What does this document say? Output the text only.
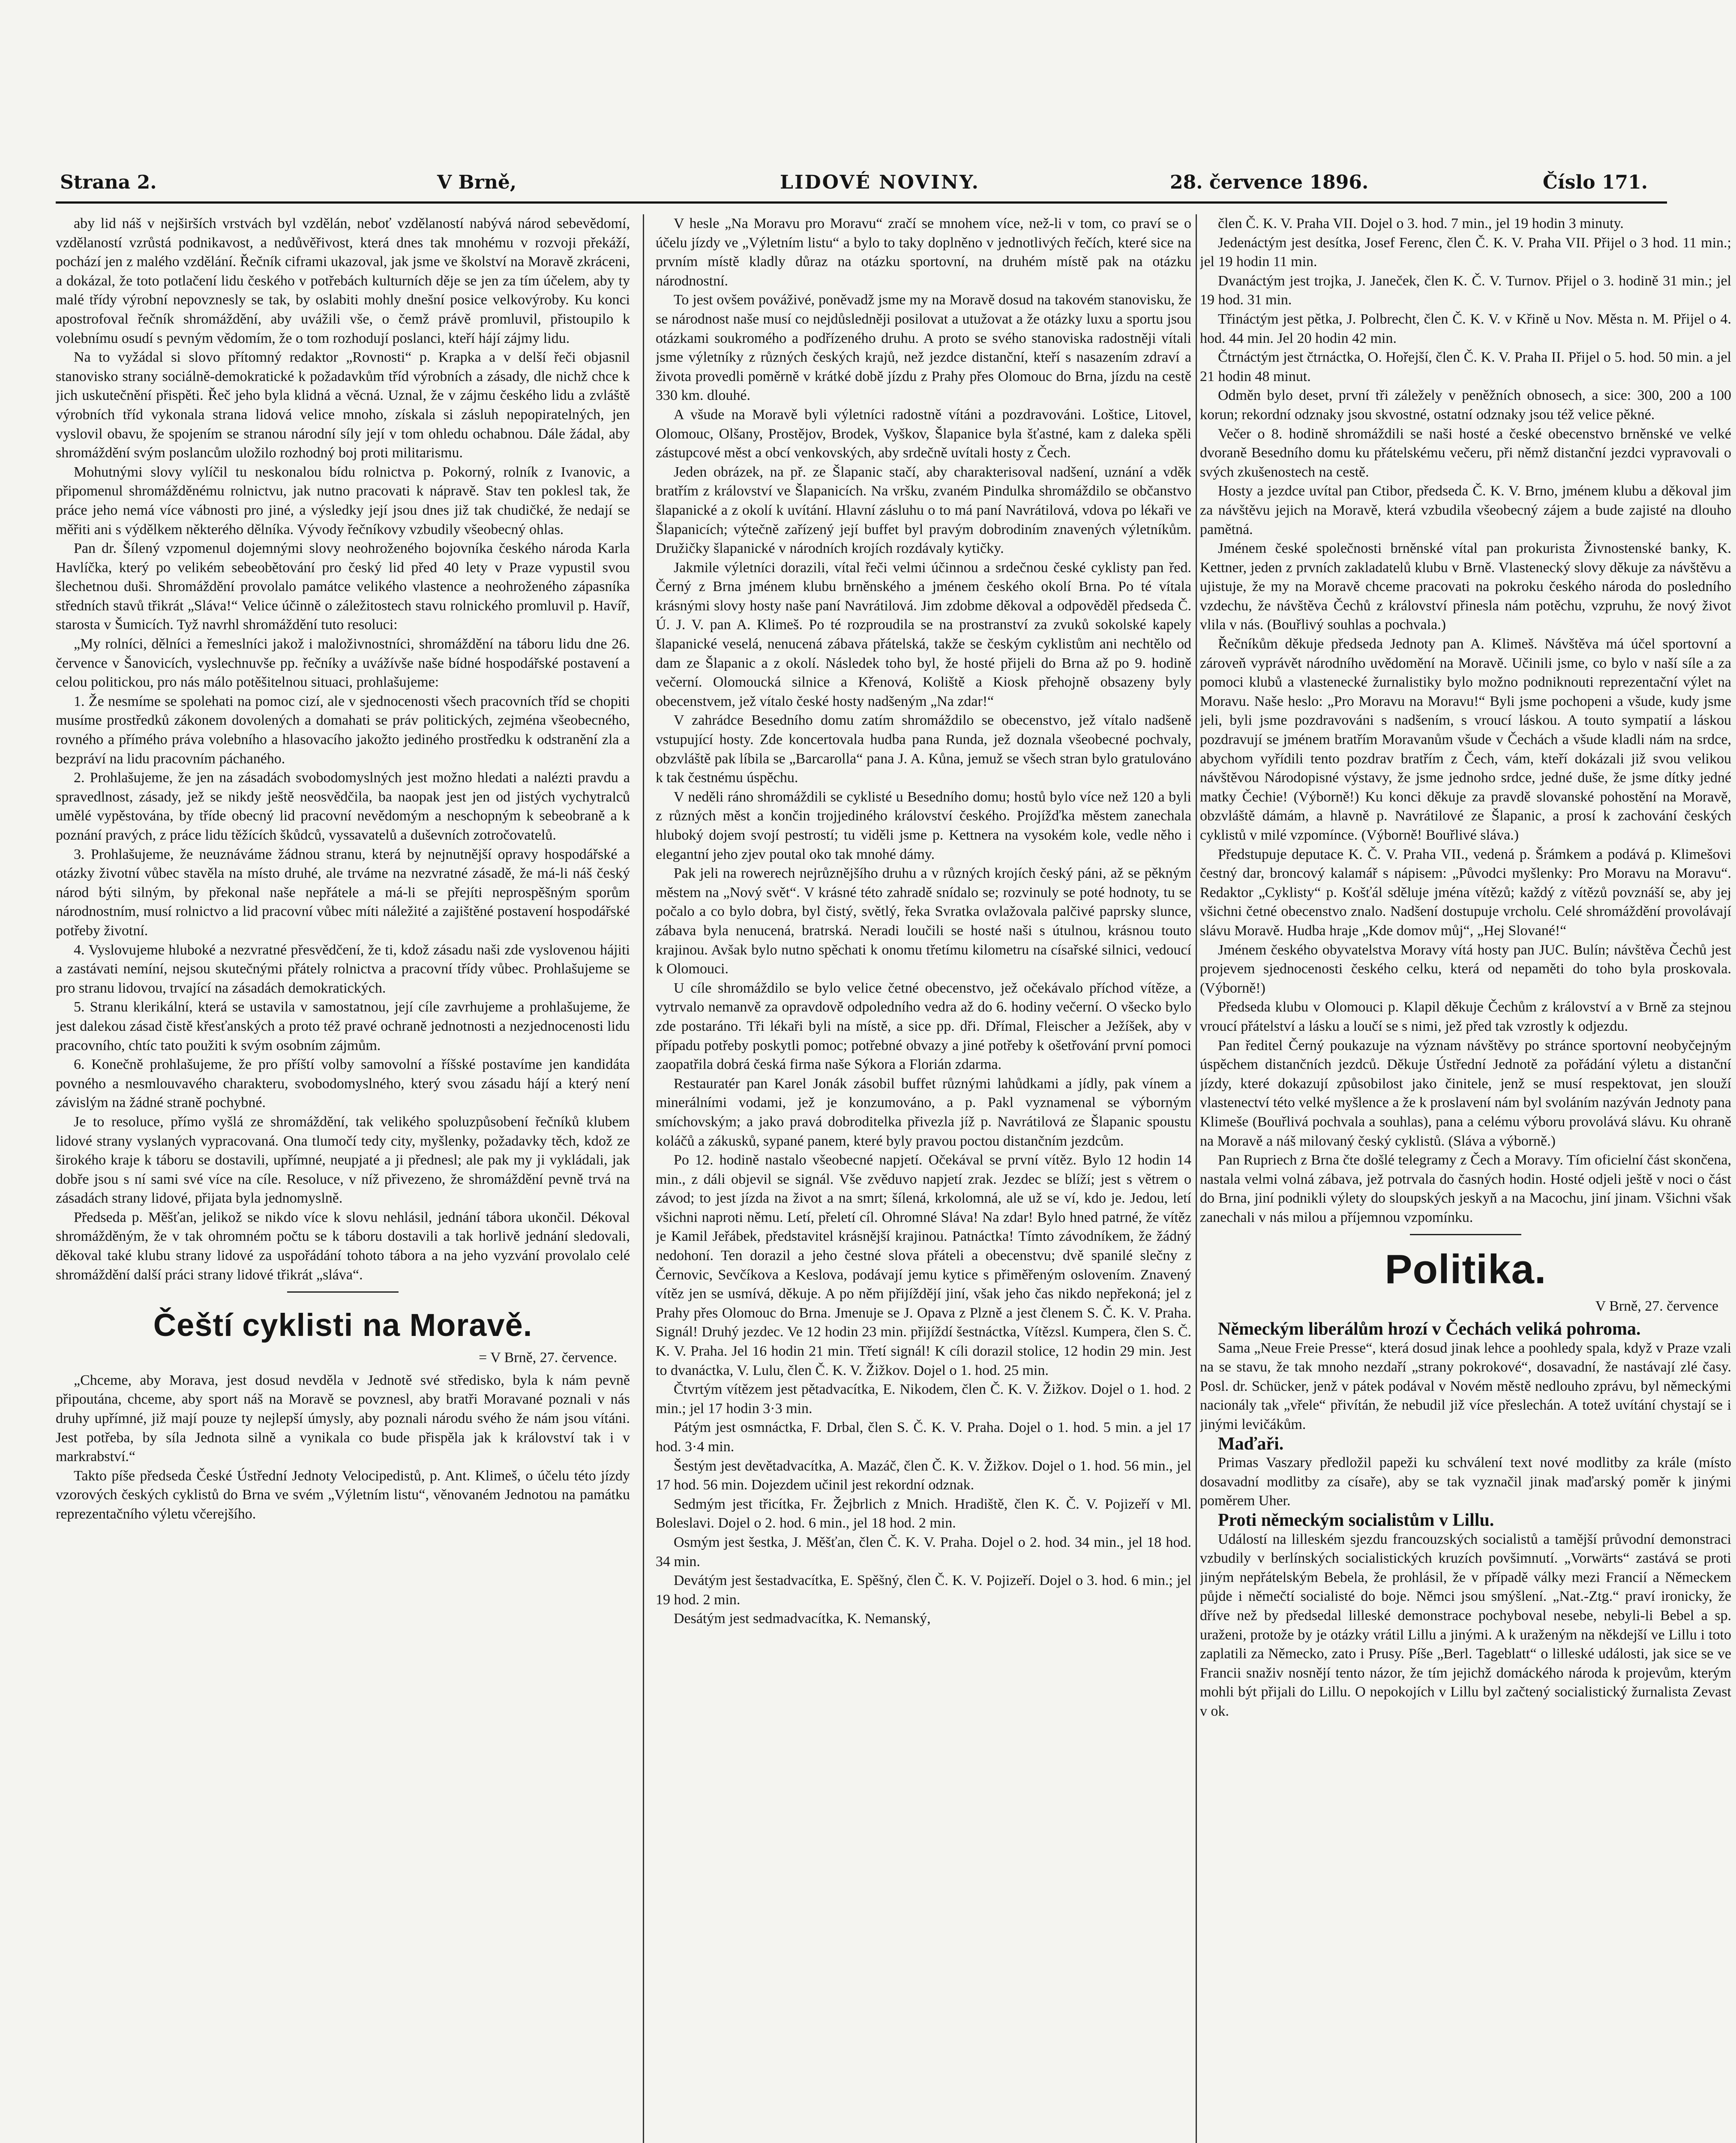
Strana 2.	V Brně,	LIDOVÉ NOVINY.	28. července 1896.	Číslo 171.

aby lid náš v nejširších vrstvách byl vzdělán, neboť vzdělaností nabývá národ sebevědomí, vzdělaností vzrůstá podnikavost, a nedůvěřivost, která dnes tak mnohému v rozvoji překáží, pochází jen z malého vzdělání. Řečník ciframi ukazoval, jak jsme ve školství na Moravě zkráceni, a dokázal, že toto potlačení lidu českého v potřebách kulturních děje se jen za tím účelem, aby ty malé třídy výrobní nepovznesly se tak, by oslabiti mohly dnešní posice velkovýroby. Ku konci apostrofoval řečník shromáždění, aby uvážili vše, o čemž právě promluvil, přistoupilo k volebnímu osudí s pevným vědomím, že o tom rozhodují poslanci, kteří hájí zájmy lidu.

Na to vyžádal si slovo přítomný redaktor „Rovnosti“ p. Krapka a v delší řeči objasnil stanovisko strany sociálně-demokratické k požadavkům tříd výrobních a zásady, dle nichž chce k jich uskutečnění přispěti. Řeč jeho byla klidná a věcná. Uznal, že v zájmu českého lidu a zvláště výrobních tříd vykonala strana lidová velice mnoho, získala si zásluh nepopiratelných, jen vyslovil obavu, že spojením se stranou národní síly její v tom ohledu ochabnou. Dále žádal, aby shromáždění svým poslancům uložilo rozhodný boj proti militarismu.

Mohutnými slovy vylíčil tu neskonalou bídu rolnictva p. Pokorný, rolník z Ivanovic, a připomenul shromážděnému rolnictvu, jak nutno pracovati k nápravě. Stav ten poklesl tak, že práce jeho nemá více vábnosti pro jiné, a výsledky její jsou dnes již tak chudičké, že nedají se měřiti ani s výdělkem některého dělníka. Vývody řečníkovy vzbudily všeobecný ohlas.

Pan dr. Šílený vzpomenul dojemnými slovy neohroženého bojovníka českého národa Karla Havlíčka, který po velikém sebeobětování pro český lid před 40 lety v Praze vypustil svou šlechetnou duši. Shromáždění provolalo památce velikého vlastence a neohroženého zápasníka středních stavů třikrát „Sláva!“ Velice účinně o záležitostech stavu rolnického promluvil p. Havíř, starosta v Šumicích. Tyž navrhl shromáždění tuto resoluci:

„My rolníci, dělníci a řemeslníci jakož i maloživnostníci, shromáždění na táboru lidu dne 26. července v Šanovicích, vyslechnuvše pp. řečníky a uvážívše naše bídné hospodářské postavení a celou politickou, pro nás málo potěšitelnou situaci, prohlašujeme:

1. Že nesmíme se spolehati na pomoc cizí, ale v sjednocenosti všech pracovních tříd se chopiti musíme prostředků zákonem dovolených a domahati se práv politických, zejména všeobecného, rovného a přímého práva volebního a hlasovacího jakožto jediného prostředku k odstranění zla a bezpráví na lidu pracovním páchaného.

2. Prohlašujeme, že jen na zásadách svobodomyslných jest možno hledati a nalézti pravdu a spravedlnost, zásady, jež se nikdy ještě neosvědčila, ba naopak jest jen od jistých vychytralců umělé vypěstována, by tříde obecný lid pracovní nevědomým a neschopným k sebeobraně a k poznání pravých, z práce lidu těžících škůdců, vyssavatelů a duševních zotročovatelů.

3. Prohlašujeme, že neuznáváme žádnou stranu, která by nejnutnější opravy hospodářské a otázky životní vůbec stavěla na místo druhé, ale trváme na nezvratné zásadě, že má-li náš český národ býti silným, by překonal naše nepřátele a má-li se přejíti neprospěšným sporům národnostním, musí rolnictvo a lid pracovní vůbec míti náležité a zajištěné postavení hospodářské potřeby životní.

4. Vyslovujeme hluboké a nezvratné přesvědčení, že ti, kdož zásadu naši zde vyslovenou hájiti a zastávati nemíní, nejsou skutečnými přátely rolnictva a pracovní třídy vůbec. Prohlašujeme se pro stranu lidovou, trvající na zásadách demokratických.

5. Stranu klerikální, která se ustavila v samostatnou, její cíle zavrhujeme a prohlašujeme, že jest dalekou zásad čistě křesťanských a proto též pravé ochraně jednotnosti a nezjednocenosti lidu pracovního, chtíc tato použiti k svým osobním zájmům.

6. Konečně prohlašujeme, že pro příští volby samovolní a říšské postavíme jen kandidáta povného a nesmlouvavého charakteru, svobodomyslného, který svou zásadu hájí a který není závislým na žádné straně pochybné.

Je to resoluce, přímo vyšlá ze shromáždění, tak velikého spoluzpůsobení řečníků klubem lidové strany vyslaných vypracovaná. Ona tlumočí tedy city, myšlenky, požadavky těch, kdož ze širokého kraje k táboru se dostavili, upřímné, neupjaté a ji přednesl; ale pak my ji vykládali, jak dobře jsou s ní sami své více na cíle. Resoluce, v níž přivezeno, že shromáždění pevně trvá na zásadách strany lidové, přijata byla jednomyslně.

Předseda p. Měšťan, jelikož se nikdo více k slovu nehlásil, jednání tábora ukončil. Dékoval shromážděným, že v tak ohromném počtu se k táboru dostavili a tak horlivě jednání sledovali, děkoval také klubu strany lidové za uspořádání tohoto tábora a na jeho vyzvání provolalo celé shromáždění další práci strany lidové třikrát „sláva“.

Čeští cyklisti na Moravě.
= V Brně, 27. července.

„Chceme, aby Morava, jest dosud nevděla v Jednotě své středisko, byla k nám pevně připoutána, chceme, aby sport náš na Moravě se povznesl, aby bratři Moravané poznali v nás druhy upřímné, již mají pouze ty nejlepší úmysly, aby poznali národu svého že nám jsou vítáni. Jest potřeba, by síla Jednota silně a vynikala co bude přispěla jak k království tak i v markrabství.“

Takto píše předseda České Ústřední Jednoty Velocipedistů, p. Ant. Klimeš, o účelu této jízdy vzorových českých cyklistů do Brna ve svém „Výletním listu“, věnovaném Jednotou na památku reprezentačního výletu včerejšího.

V hesle „Na Moravu pro Moravu“ zračí se mnohem více, než-li v tom, co praví se o účelu jízdy ve „Výletním listu“ a bylo to taky doplněno v jednotlivých řečích, které sice na prvním místě kladly důraz na otázku sportovní, na druhém místě pak na otázku národnostní.

To jest ovšem pováživé, poněvadž jsme my na Moravě dosud na takovém stanovisku, že se národnost naše musí co nejdůsledněji posilovat a utužovat a že otázky luxu a sportu jsou otázkami soukromého a podřízeného druhu. A proto se svého stanoviska radostněji vítali jsme výletníky z různých českých krajů, než jezdce distanční, kteří s nasazením zdraví a života provedli poměrně v krátké době jízdu z Prahy přes Olomouc do Brna, jízdu na cestě 330 km. dlouhé.

A všude na Moravě byli výletníci radostně vítáni a pozdravováni. Loštice, Litovel, Olomouc, Olšany, Prostějov, Brodek, Vyškov, Šlapanice byla šťastné, kam z daleka spěli zástupcové měst a obcí venkovských, aby srdečně uvítali hosty z Čech.

Jeden obrázek, na př. ze Šlapanic stačí, aby charakterisoval nadšení, uznání a vděk bratřím z království ve Šlapanicích. Na vršku, zvaném Pindulka shromáždilo se občanstvo šlapanické a z okolí k uvítání. Hlavní zásluhu o to má paní Navrátilová, vdova po lékaři ve Šlapanicích; výtečně zařízený její buffet byl pravým dobrodiním znavených výletníkům. Družičky šlapanické v národních krojích rozdávaly kytičky.

Jakmile výletníci dorazili, vítal řeči velmi účinnou a srdečnou české cyklisty pan řed. Černý z Brna jménem klubu brněnského a jménem českého okolí Brna. Po té vítala krásnými slovy hosty naše paní Navrátilová. Jim zdobme děkoval a odpověděl předseda Č. Ú. J. V. pan A. Klimeš. Po té rozproudila se na prostranství za zvuků sokolské kapely šlapanické veselá, nenucená zábava přátelská, takže se českým cyklistům ani nechtělo od dam ze Šlapanic a z okolí. Následek toho byl, že hosté přijeli do Brna až po 9. hodině večerní. Olomoucká silnice a Křenová, Koliště a Kiosk přehojně obsazeny byly obecenstvem, jež vítalo české hosty nadšeným „Na zdar!“

V zahrádce Besedního domu zatím shromáždilo se obecenstvo, jež vítalo nadšeně vstupující hosty. Zde koncertovala hudba pana Runda, jež doznala všeobecné pochvaly, obzvláště pak líbila se „Barcarolla“ pana J. A. Kůna, jemuž se všech stran bylo gratulováno k tak čestnému úspěchu.

V neděli ráno shromáždili se cyklisté u Besedního domu; hostů bylo více než 120 a byli z různých měst a končin trojjediného království českého. Projížďka městem zanechala hluboký dojem svojí pestrostí; tu viděli jsme p. Kettnera na vysokém kole, vedle něho i elegantní jeho zjev poutal oko tak mnohé dámy.

Pak jeli na rowerech nejrůznějšího druhu a v různých krojích český páni, až se pěkným městem na „Nový svět“. V krásné této zahradě snídalo se; rozvinuly se poté hodnoty, tu se počalo a co bylo dobra, byl čistý, světlý, řeka Svratka ovlažovala palčivé paprsky slunce, zábava byla nenucená, bratrská. Neradi loučili se hosté naši s útulnou, krásnou touto krajinou. Avšak bylo nutno spěchati k onomu třetímu kilometru na císařské silnici, vedoucí k Olomouci.

U cíle shromáždilo se bylo velice četné obecenstvo, jež očekávalo příchod vítěze, a vytrvalo nemanvě za opravdově odpoledního vedra až do 6. hodiny večerní. O všecko bylo zde postaráno. Tři lékaři byli na místě, a sice pp. dři. Dřímal, Fleischer a Ježíšek, aby v případu potřeby poskytli pomoc; potřebné obvazy a jiné potřeby k ošetřování první pomoci zaopatřila dobrá česká firma naše Sýkora a Florián zdarma.

Restauratér pan Karel Jonák zásobil buffet různými lahůdkami a jídly, pak vínem a minerálními vodami, jež je konzumováno, a p. Pakl vyznamenal se výborným smíchovským; a jako pravá dobroditelka přivezla jíž p. Navrátilová ze Šlapanic spoustu koláčů a zákusků, sypané panem, které byly pravou poctou distančním jezdcům.

Po 12. hodině nastalo všeobecné napjetí. Očekával se první vítěz. Bylo 12 hodin 14 min., z dáli objevil se signál. Vše zvěduvo napjetí zrak. Jezdec se blíží; jest s větrem o závod; to jest jízda na život a na smrt; šílená, krkolomná, ale už se ví, kdo je. Jedou, letí všichni naproti němu. Letí, přeletí cíl. Ohromné Sláva! Na zdar! Bylo hned patrné, že vítěz je Kamil Jeřábek, představitel krásnější krajinou. Patnáctka! Tímto závodníkem, že žádný nedohoní. Ten dorazil a jeho čestné slova přáteli a obecenstvu; dvě spanilé slečny z Černovic, Sevčíkova a Keslova, podávají jemu kytice s přiměřeným oslovením. Znavený vítěz jen se usmívá, děkuje. A po něm přijíždějí jiní, však jeho čas nikdo nepřekoná; jel z Prahy přes Olomouc do Brna. Jmenuje se J. Opava z Plzně a jest členem S. Č. K. V. Praha. Signál! Druhý jezdec. Ve 12 hodin 23 min. přijíždí šestnáctka, Vítězsl. Kumpera, člen S. Č. K. V. Praha. Jel 16 hodin 21 min. Třetí signál! K cíli dorazil stolice, 12 hodin 29 min. Jest to dvanáctka, V. Lulu, člen Č. K. V. Žižkov. Dojel o 1. hod. 25 min.

Čtvrtým vítězem jest pětadvacítka, E. Nikodem, člen Č. K. V. Žižkov. Dojel o 1. hod. 2 min.; jel 17 hodin 3·3 min.

Pátým jest osmnáctka, F. Drbal, člen S. Č. K. V. Praha. Dojel o 1. hod. 5 min. a jel 17 hod. 3·4 min.

Šestým jest devětadvacítka, A. Mazáč, člen Č. K. V. Žižkov. Dojel o 1. hod. 56 min., jel 17 hod. 56 min. Dojezdem učinil jest rekordní odznak.

Sedmým jest třicítka, Fr. Žejbrlich z Mnich. Hradiště, člen K. Č. V. Pojizeří v Ml. Boleslavi. Dojel o 2. hod. 6 min., jel 18 hod. 2 min.

Osmým jest šestka, J. Měšťan, člen Č. K. V. Praha. Dojel o 2. hod. 34 min., jel 18 hod. 34 min.

Devátým jest šestadvacítka, E. Spěšný, člen Č. K. V. Pojizeří. Dojel o 3. hod. 6 min.; jel 19 hod. 2 min.

Desátým jest sedmadvacítka, K. Nemanský,

člen Č. K. V. Praha VII. Dojel o 3. hod. 7 min., jel 19 hodin 3 minuty.

Jedenáctým jest desítka, Josef Ferenc, člen Č. K. V. Praha VII. Přijel o 3 hod. 11 min.; jel 19 hodin 11 min.

Dvanáctým jest trojka, J. Janeček, člen K. Č. V. Turnov. Přijel o 3. hodině 31 min.; jel 19 hod. 31 min.

Třináctým jest pětka, J. Polbrecht, člen Č. K. V. v Křině u Nov. Města n. M. Přijel o 4. hod. 44 min. Jel 20 hodin 42 min.

Čtrnáctým jest čtrnáctka, O. Hořejší, člen Č. K. V. Praha II. Přijel o 5. hod. 50 min. a jel 21 hodin 48 minut.

Odměn bylo deset, první tři záležely v peněžních obnosech, a sice: 300, 200 a 100 korun; rekordní odznaky jsou skvostné, ostatní odznaky jsou též velice pěkné.

Večer o 8. hodině shromáždili se naši hosté a české obecenstvo brněnské ve velké dvoraně Besedního domu ku přátelskému večeru, při němž distanční jezdci vypravovali o svých zkušenostech na cestě.

Hosty a jezdce uvítal pan Ctibor, předseda Č. K. V. Brno, jménem klubu a děkoval jim za návštěvu jejich na Moravě, která vzbudila všeobecný zájem a bude zajisté na dlouho pamětná.

Jménem české společnosti brněnské vítal pan prokurista Živnostenské banky, K. Kettner, jeden z prvních zakladatelů klubu v Brně. Vlastenecký slovy děkuje za návštěvu a ujistuje, že my na Moravě chceme pracovati na pokroku českého národa do posledního vzdechu, že návštěva Čechů z království přinesla nám potěchu, vzpruhu, že nový život vlila v nás. (Bouřlivý souhlas a pochvala.)

Řečníkům děkuje předseda Jednoty pan A. Klimeš. Návštěva má účel sportovní a zároveň vyprávět národního uvědomění na Moravě. Učinili jsme, co bylo v naší síle a za pomoci klubů a vlastenecké žurnalistiky bylo možno podniknouti reprezentační výlet na Moravu. Naše heslo: „Pro Moravu na Moravu!“ Byli jsme pochopeni a všude, kudy jsme jeli, byli jsme pozdravováni s nadšením, s vroucí láskou. A touto sympatií a láskou pozdravují se jménem bratřím Moravanům všude v Čechách a všude kladli nám na srdce, abychom vyřídili tento pozdrav bratřím z Čech, vám, kteří dokázali již svou velikou návštěvou Národopisné výstavy, že jsme jednoho srdce, jedné duše, že jsme dítky jedné matky Čechie! (Výborně!) Ku konci děkuje za pravdě slovanské pohostění na Moravě, obzvláště dámám, a hlavně p. Navrátilové ze Šlapanic, a prosí k zachování českých cyklistů v milé vzpomínce. (Výborně! Bouřlivé sláva.)

Předstupuje deputace K. Č. V. Praha VII., vedená p. Šrámkem a podává p. Klimešovi čestný dar, broncový kalamář s nápisem: „Původci myšlenky: Pro Moravu na Moravu“. Redaktor „Cyklisty“ p. Košťál sděluje jména vítězů; každý z vítězů povznáší se, aby jej všichni četné obecenstvo znalo. Nadšení dostupuje vrcholu. Celé shromáždění provolávají slávu Moravě. Hudba hraje „Kde domov můj“, „Hej Slované!“

Jménem českého obyvatelstva Moravy vítá hosty pan JUC. Bulín; návštěva Čechů jest projevem sjednocenosti českého celku, která od nepaměti do toho byla proskovala. (Výborně!)

Předseda klubu v Olomouci p. Klapil děkuje Čechům z království a v Brně za stejnou vroucí přátelství a lásku a loučí se s nimi, jež před tak vzrostly k odjezdu.

Pan ředitel Černý poukazuje na význam návštěvy po stránce sportovní neobyčejným úspěchem distančních jezdců. Děkuje Ústřední Jednotě za pořádání výletu a distanční jízdy, které dokazují způsobilost jako činitele, jenž se musí respektovat, jen slouží vlastenectví této velké myšlence a že k proslavení nám byl svoláním nazýván Jednoty pana Klimeše (Bouřlivá pochvala a souhlas), pana a celému výboru provolává slávu. Ku ohraně na Moravě a náš milovaný český cyklistů. (Sláva a výborně.)

Pan Rupriech z Brna čte došlé telegramy z Čech a Moravy. Tím oficielní část skončena, nastala velmi volná zábava, jež potrvala do časných hodin. Hosté odjeli ještě v noci o část do Brna, jiní podnikli výlety do sloupských jeskyň a na Macochu, jiní jinam. Všichni však zanechali v nás milou a příjemnou vzpomínku.

Politika.
V Brně, 27. července

Německým liberálům hrozí v Čechách veliká pohroma.

Sama „Neue Freie Presse“, která dosud jinak lehce a poohledy spala, když v Praze vzali na se stavu, že tak mnoho nezdaří „strany pokrokové“, dosavadní, že nastávají zlé časy. Posl. dr. Schücker, jenž v pátek podával v Novém městě nedlouho zprávu, byl německými nacionály tak „vřele“ přivítán, že nebudil již více přeslechán. A totež uvítání chystají se i jinými levičákům.

Maďaři.

Primas Vaszary předložil papeži ku schválení text nové modlitby za krále (místo dosavadní modlitby za císaře), aby se tak vyznačil jinak maďarský poměr k jinými poměrem Uher.

Proti německým socialistům v Lillu.

Událostí na lilleském sjezdu francouzských socialistů a tamější průvodní demonstraci vzbudily v berlínských socialistických kruzích povšimnutí. „Vorwärts“ zastává se proti jiným nepřátelským Bebela, že prohlásil, že v případě války mezi Francií a Německem půjde i němečtí socialisté do boje. Němci jsou smýšlení. „Nat.-Ztg.“ praví ironicky, že dříve než by předsedal lilleské demonstrace pochyboval nesebe, nebyli-li Bebel a sp. uraženi, protože by je otázky vrátil Lillu a jinými. A k uraženým na někdejší ve Lillu i toto zaplatili za Německo, zato i Prusy. Píše „Berl. Tageblatt“ o lilleské události, jak sice se ve Francii snaživ nosnějí tento názor, že tím jejichž domáckého národa k projevům, kterým mohli být přijali do Lillu. O nepokojích v Lillu byl začtený socialistický žurnalista Zevast v ok.
